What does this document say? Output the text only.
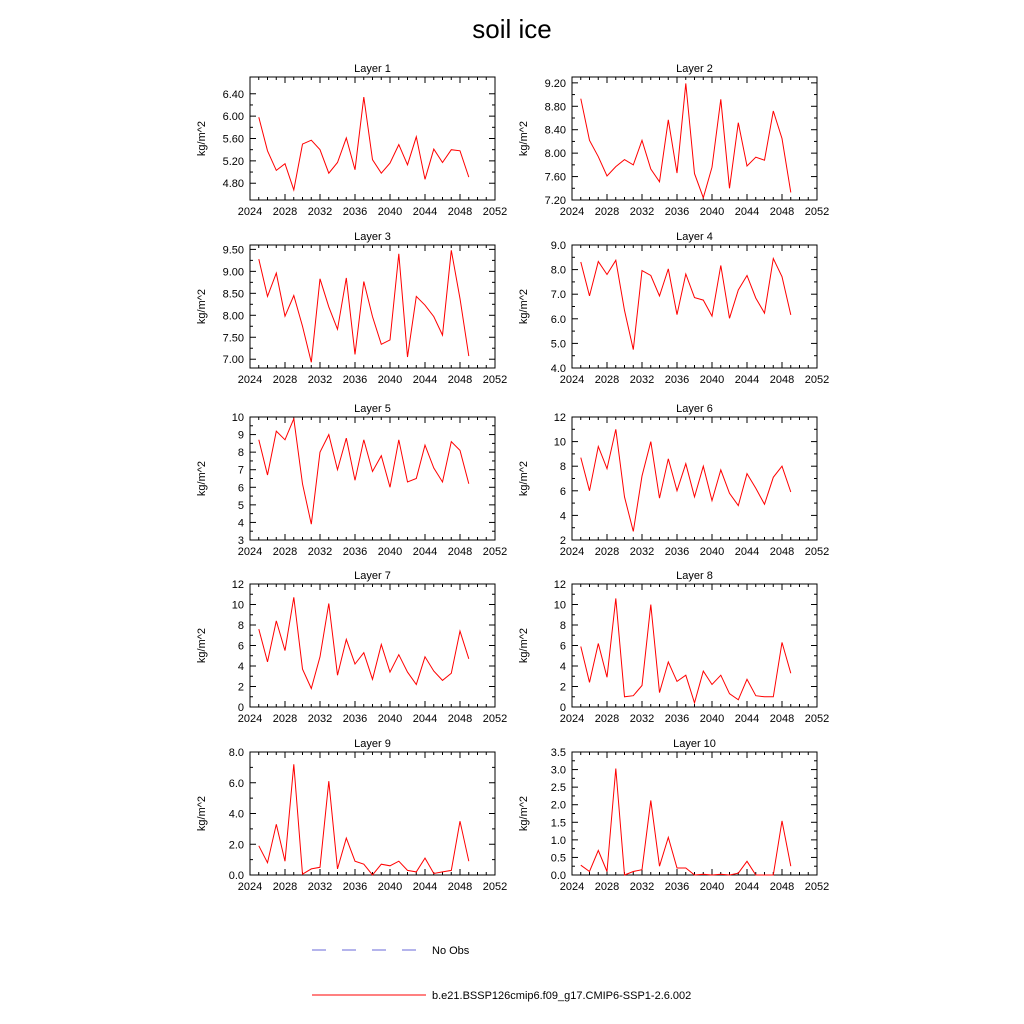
soil ice
Layer 1
kg/m^2
2024 2028 2032 2036 2040 2044 2048 2052
4.80
5.20
5.60
6.00
6.40
Layer 2
kg/m^2
2024 2028 2032 2036 2040 2044 2048 2052
7.20
7.60
8.00
8.40
8.80
9.20
Layer 3
kg/m^2
2024 2028 2032 2036 2040 2044 2048 2052
7.00
7.50
8.00
8.50
9.00
9.50
Layer 4
kg/m^2
2024 2028 2032 2036 2040 2044 2048 2052
4.0
5.0
6.0
7.0
8.0
9.0
Layer 5
kg/m^2
2024 2028 2032 2036 2040 2044 2048 2052
3
4
5
6
7
8
9
10
Layer 6
kg/m^2
2024 2028 2032 2036 2040 2044 2048 2052
2
4
6
8
10
12
Layer 7
kg/m^2
2024 2028 2032 2036 2040 2044 2048 2052
0
2
4
6
8
10
12
Layer 8
kg/m^2
2024 2028 2032 2036 2040 2044 2048 2052
0
2
4
6
8
10
12
Layer 9
kg/m^2
2024 2028 2032 2036 2040 2044 2048 2052
0.0
2.0
4.0
6.0
8.0
Layer 10
kg/m^2
2024 2028 2032 2036 2040 2044 2048 2052
0.0
0.5
1.0
1.5
2.0
2.5
3.0
3.5
No Obs
b.e21.BSSP126cmip6.f09_g17.CMIP6-SSP1-2.6.002
